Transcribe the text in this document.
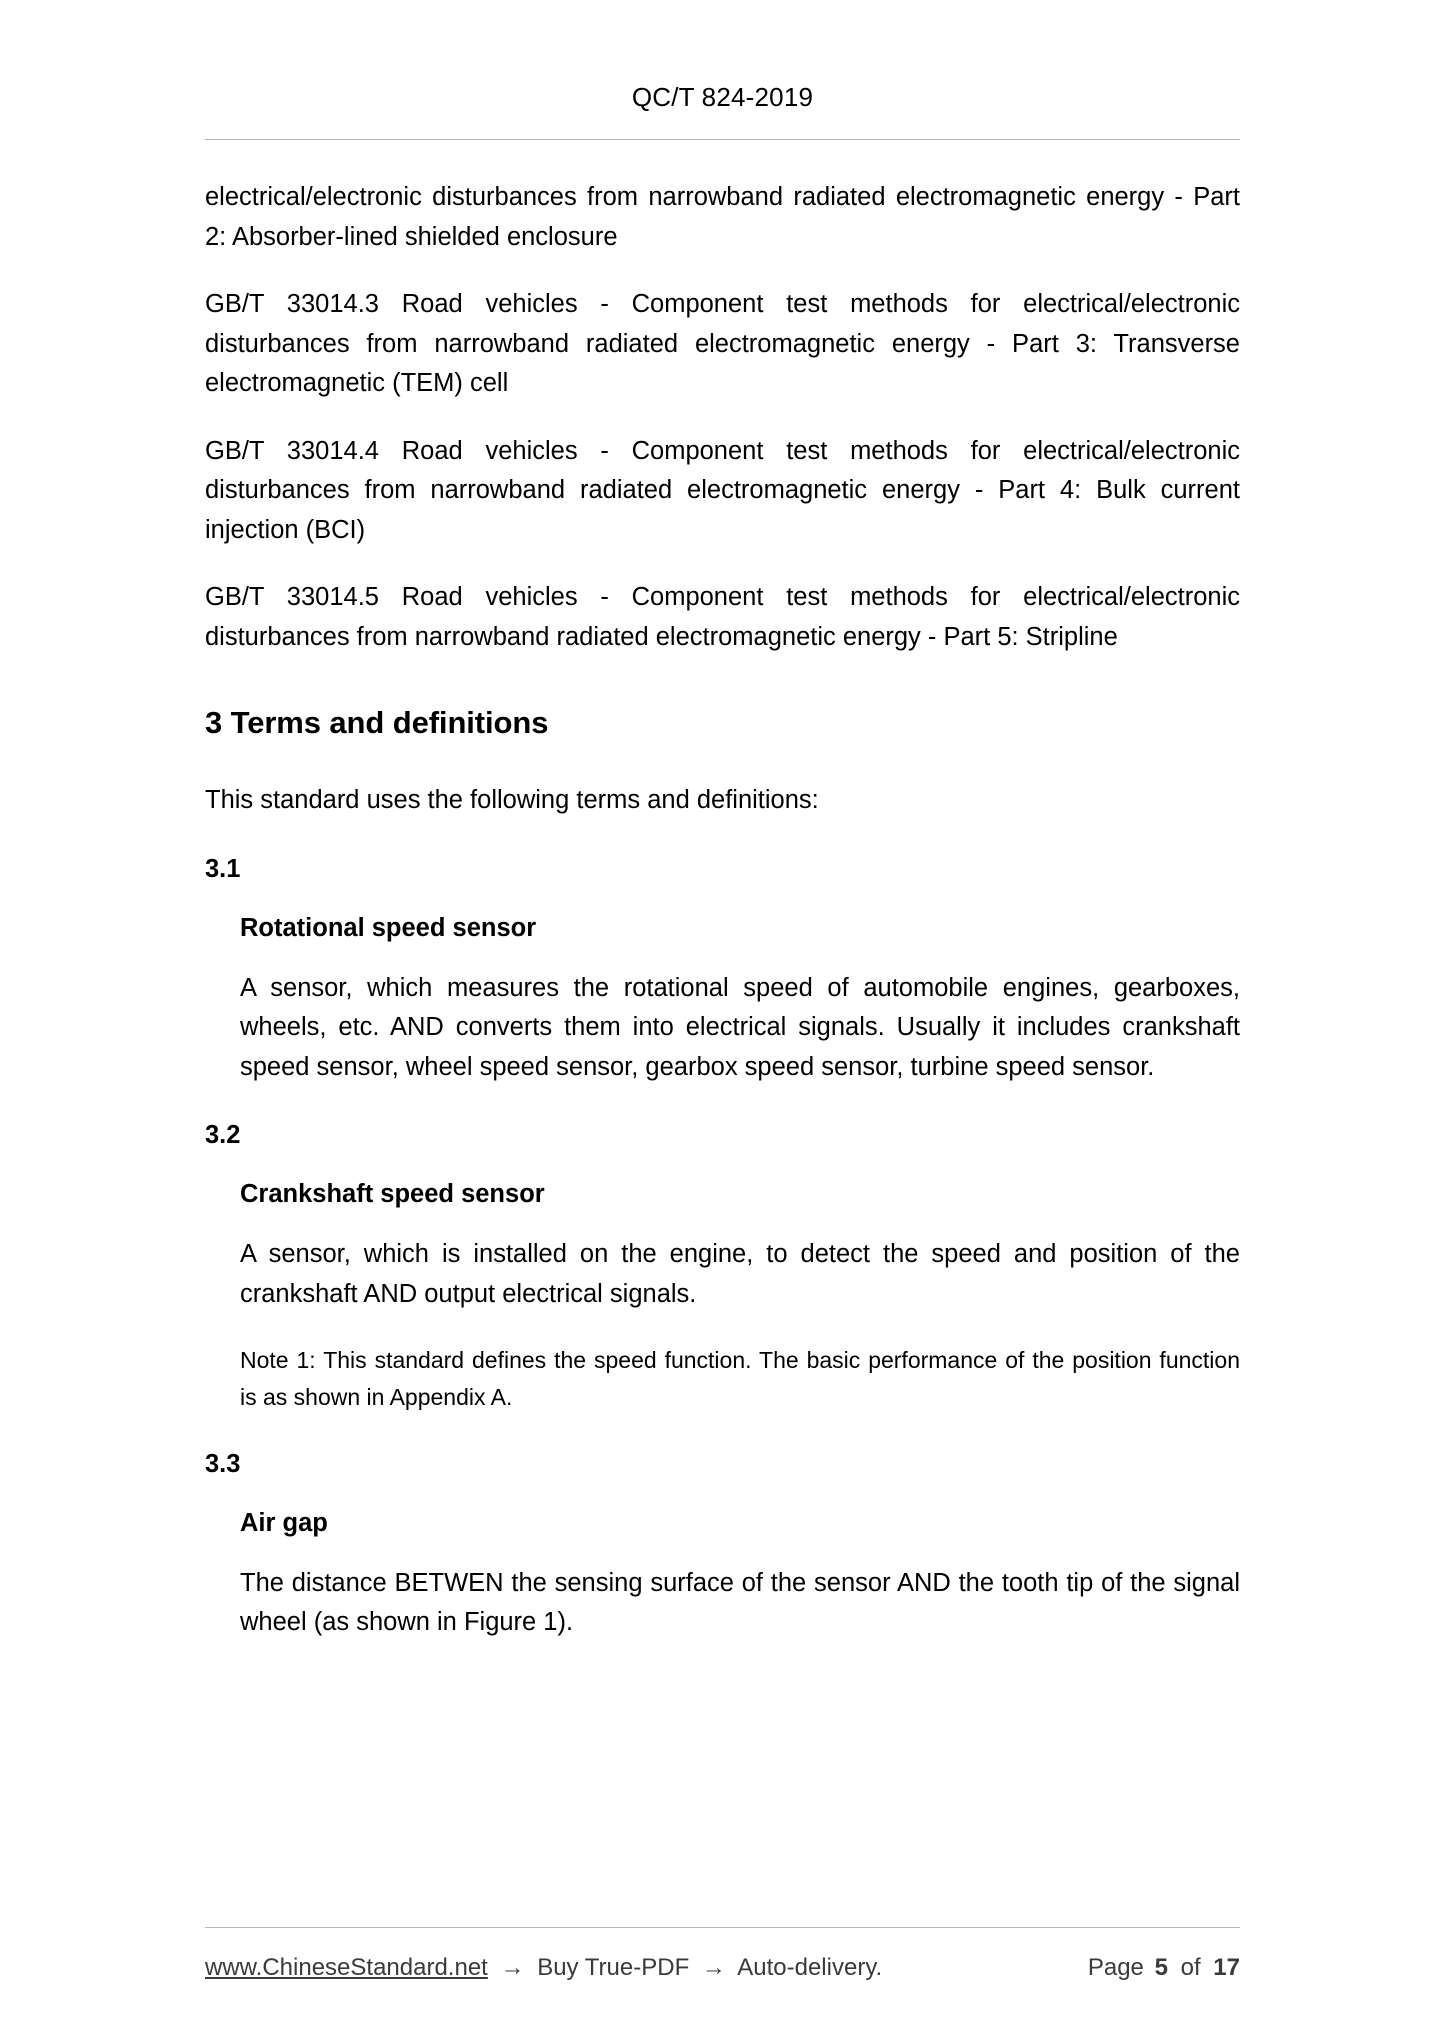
QC/T 824-2019

electrical/electronic disturbances from narrowband radiated electromagnetic energy - Part 2: Absorber-lined shielded enclosure

GB/T 33014.3 Road vehicles - Component test methods for electrical/electronic disturbances from narrowband radiated electromagnetic energy - Part 3: Transverse electromagnetic (TEM) cell

GB/T 33014.4 Road vehicles - Component test methods for electrical/electronic disturbances from narrowband radiated electromagnetic energy - Part 4: Bulk current injection (BCI)

GB/T 33014.5 Road vehicles - Component test methods for electrical/electronic disturbances from narrowband radiated electromagnetic energy - Part 5: Stripline

3 Terms and definitions

This standard uses the following terms and definitions:

3.1
Rotational speed sensor

A sensor, which measures the rotational speed of automobile engines, gearboxes, wheels, etc. AND converts them into electrical signals. Usually it includes crankshaft speed sensor, wheel speed sensor, gearbox speed sensor, turbine speed sensor.

3.2
Crankshaft speed sensor

A sensor, which is installed on the engine, to detect the speed and position of the crankshaft AND output electrical signals.

Note 1: This standard defines the speed function. The basic performance of the position function is as shown in Appendix A.

3.3
Air gap

The distance BETWEN the sensing surface of the sensor AND the tooth tip of the signal wheel (as shown in Figure 1).

www.ChineseStandard.net → Buy True-PDF → Auto-delivery.	Page 5 of 17
